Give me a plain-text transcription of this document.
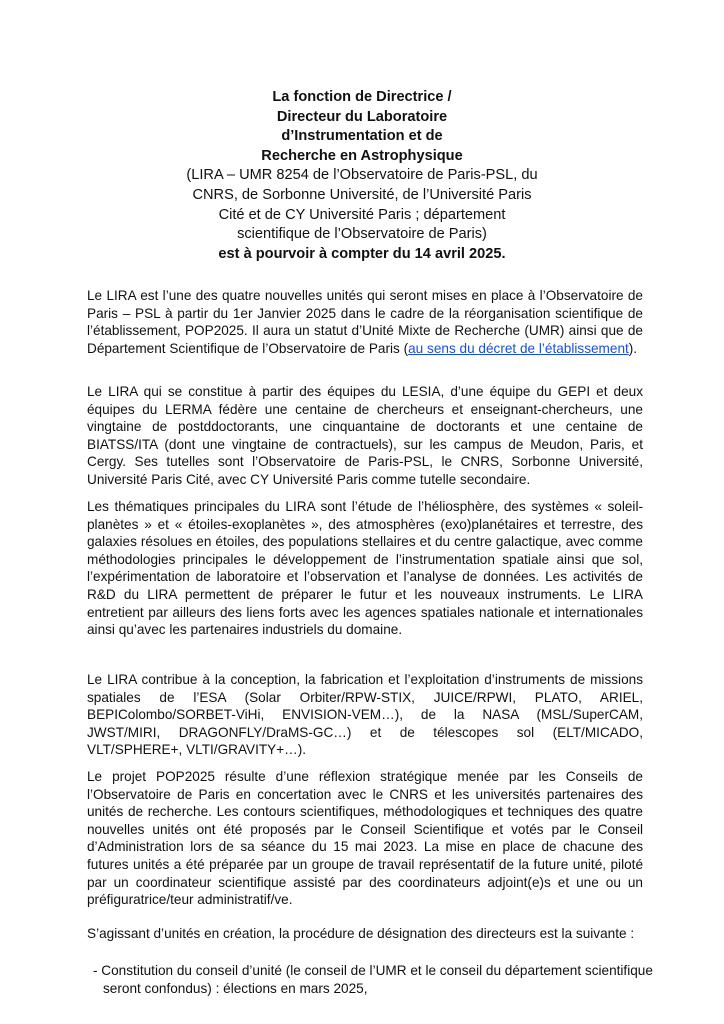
La fonction de Directrice /
Directeur du Laboratoire
d’Instrumentation et de
Recherche en Astrophysique
(LIRA – UMR 8254 de l’Observatoire de Paris-PSL, du
CNRS, de Sorbonne Université, de l’Université Paris
Cité et de CY Université Paris ; département
scientifique de l’Observatoire de Paris)
est à pourvoir à compter du 14 avril 2025.

Le LIRA est l’une des quatre nouvelles unités qui seront mises en place à l’Observatoire de Paris – PSL à partir du 1er Janvier 2025 dans le cadre de la réorganisation scientifique de l’établissement, POP2025. Il aura un statut d’Unité Mixte de Recherche (UMR) ainsi que de Département Scientifique de l’Observatoire de Paris (au sens du décret de l’établissement).

Le LIRA qui se constitue à partir des équipes du LESIA, d’une équipe du GEPI et deux équipes du LERMA fédère une centaine de chercheurs et enseignant-chercheurs, une vingtaine de postddoctorants, une cinquantaine de doctorants et une centaine de BIATSS/ITA (dont une vingtaine de contractuels), sur les campus de Meudon, Paris, et Cergy. Ses tutelles sont l’Observatoire de Paris-PSL, le CNRS, Sorbonne Université, Université Paris Cité, avec CY Université Paris comme tutelle secondaire.

Les thématiques principales du LIRA sont l’étude de l’héliosphère, des systèmes « soleil-planètes » et « étoiles-exoplanètes », des atmosphères (exo)planétaires et terrestre, des galaxies résolues en étoiles, des populations stellaires et du centre galactique, avec comme méthodologies principales le développement de l’instrumentation spatiale ainsi que sol, l’expérimentation de laboratoire et l’observation et l’analyse de données. Les activités de R&D du LIRA permettent de préparer le futur et les nouveaux instruments. Le LIRA entretient par ailleurs des liens forts avec les agences spatiales nationale et internationales ainsi qu’avec les partenaires industriels du domaine.

Le LIRA contribue à la conception, la fabrication et l’exploitation d’instruments de missions spatiales de l’ESA (Solar Orbiter/RPW-STIX, JUICE/RPWI, PLATO, ARIEL, BEPIColombo/SORBET-ViHi, ENVISION-VEM…), de la NASA (MSL/SuperCAM, JWST/MIRI, DRAGONFLY/DraMS-GC…) et de télescopes sol (ELT/MICADO, VLT/SPHERE+, VLTI/GRAVITY+…).

Le projet POP2025 résulte d’une réflexion stratégique menée par les Conseils de l’Observatoire de Paris en concertation avec le CNRS et les universités partenaires des unités de recherche. Les contours scientifiques, méthodologiques et techniques des quatre nouvelles unités ont été proposés par le Conseil Scientifique et votés par le Conseil d’Administration lors de sa séance du 15 mai 2023. La mise en place de chacune des futures unités a été préparée par un groupe de travail représentatif de la future unité, piloté par un coordinateur scientifique assisté par des coordinateurs adjoint(e)s et une ou un préfiguratrice/teur administratif/ve.

S’agissant d’unités en création, la procédure de désignation des directeurs est la suivante :

- Constitution du conseil d’unité (le conseil de l’UMR et le conseil du département scientifique seront confondus) : élections en mars 2025,
